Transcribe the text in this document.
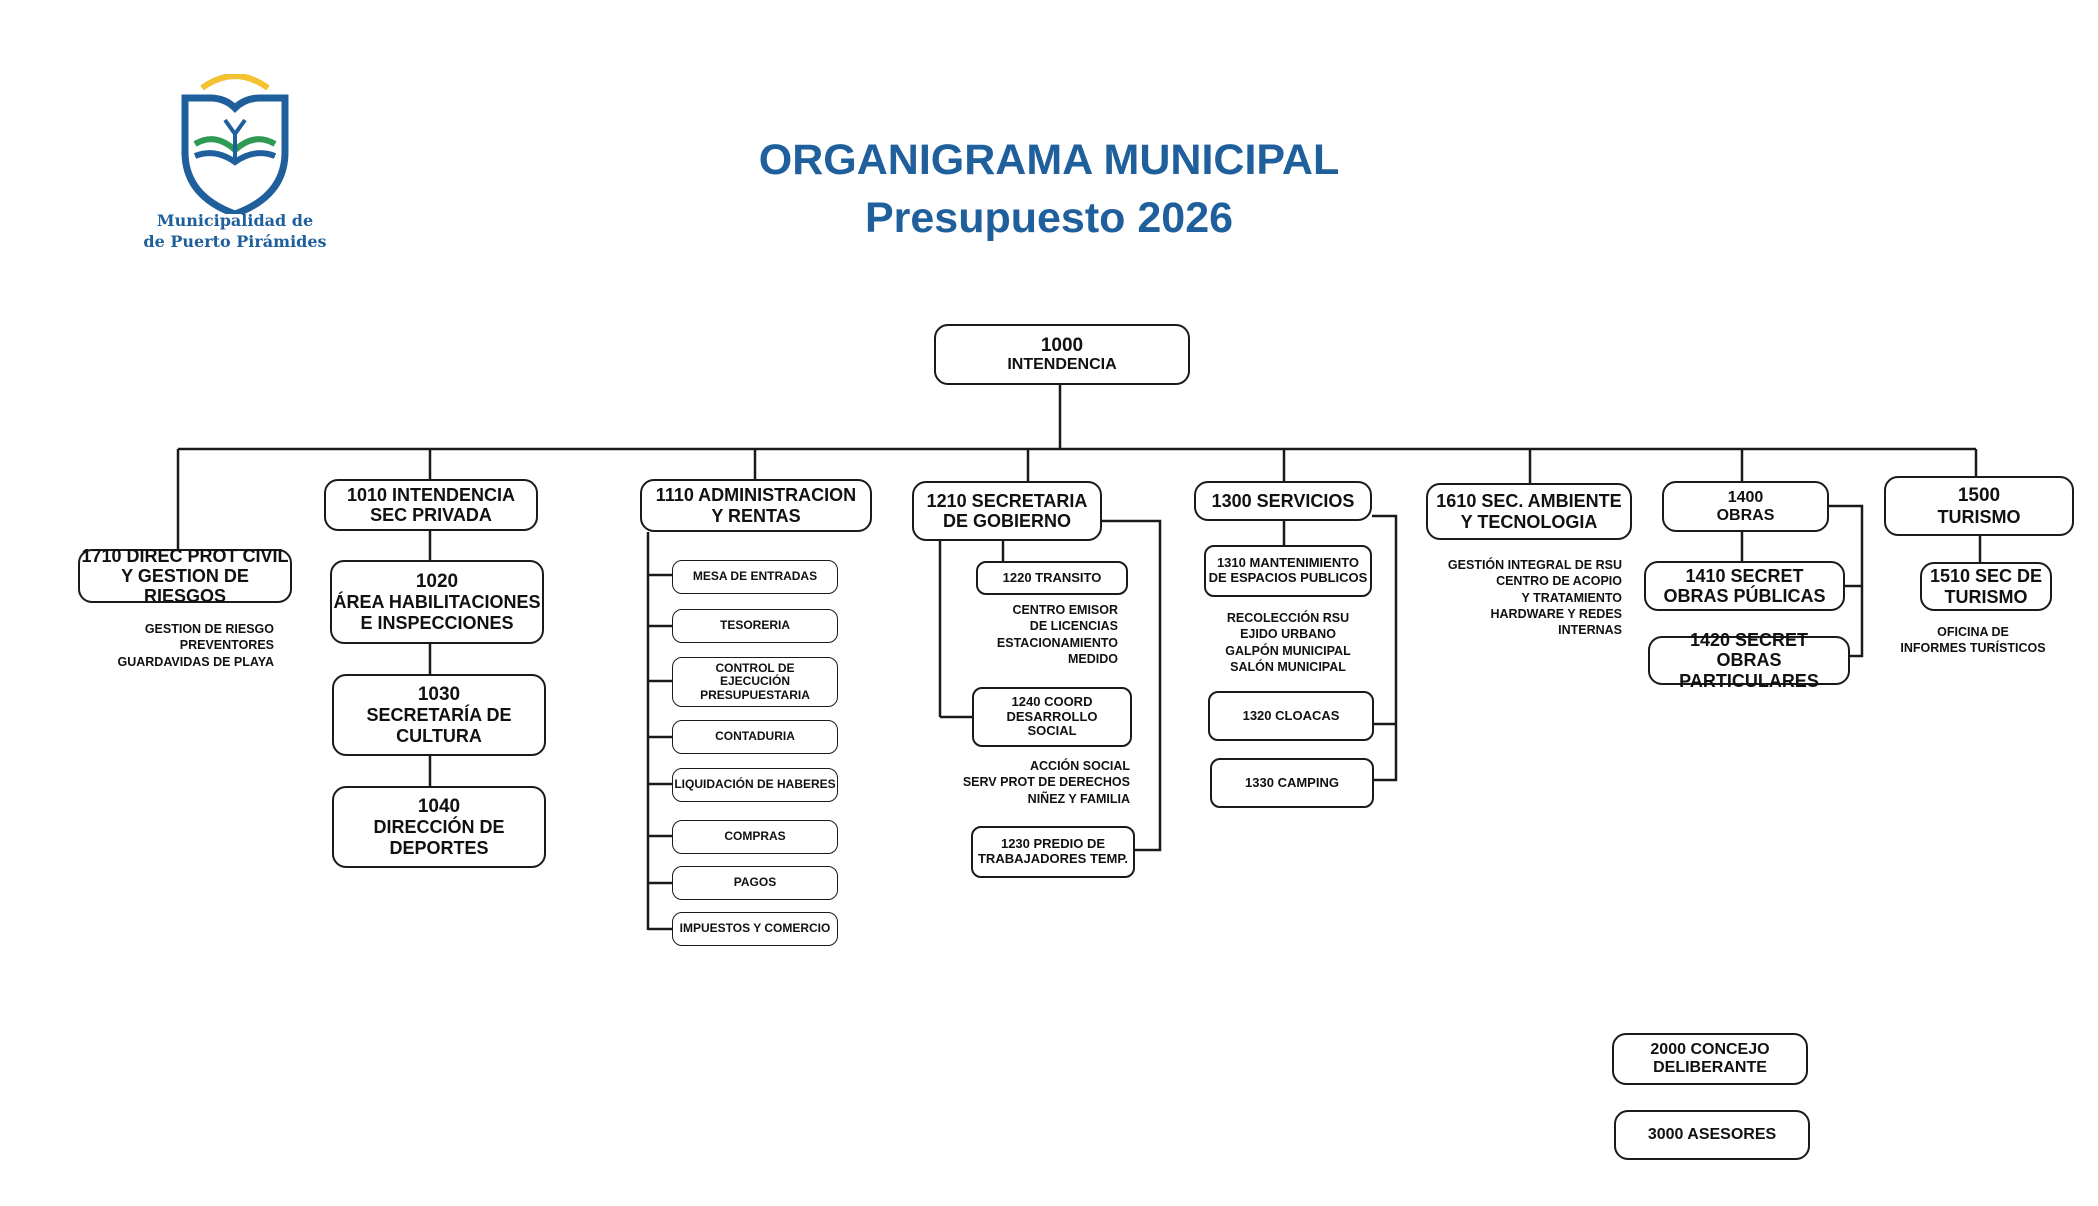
Municipalidad de
de Puerto Pirámides
ORGANIGRAMA MUNICIPAL
Presupuesto 2026
1000
INTENDENCIA
1710 DIREC PROT CIVIL
Y GESTION DE RIESGOS
GESTION DE RIESGO
PREVENTORES
GUARDAVIDAS DE PLAYA
1010 INTENDENCIA
SEC PRIVADA
1020
ÁREA HABILITACIONES
E INSPECCIONES
1030
SECRETARÍA DE
CULTURA
1040
DIRECCIÓN DE
DEPORTES
1110 ADMINISTRACION
Y RENTAS
MESA DE ENTRADAS
TESORERIA
CONTROL DE EJECUCIÓN PRESUPUESTARIA
CONTADURIA
LIQUIDACIÓN DE HABERES
COMPRAS
PAGOS
IMPUESTOS Y COMERCIO
1210 SECRETARIA
DE GOBIERNO
1220 TRANSITO
CENTRO EMISOR
DE LICENCIAS
ESTACIONAMIENTO
MEDIDO
1240 COORD
DESARROLLO
SOCIAL
ACCIÓN SOCIAL
SERV PROT DE DERECHOS
NIÑEZ Y FAMILIA
1230 PREDIO DE
TRABAJADORES TEMP.
1300 SERVICIOS
1310 MANTENIMIENTO
DE ESPACIOS PUBLICOS
RECOLECCIÓN RSU
EJIDO URBANO
GALPÓN MUNICIPAL
SALÓN MUNICIPAL
1320 CLOACAS
1330 CAMPING
1610 SEC. AMBIENTE
Y TECNOLOGIA
GESTIÓN INTEGRAL DE RSU
CENTRO DE ACOPIO
Y TRATAMIENTO
HARDWARE Y REDES
INTERNAS
1400
OBRAS
1410 SECRET
OBRAS PÚBLICAS
1420 SECRET
OBRAS PARTICULARES
1500
TURISMO
1510 SEC DE
TURISMO
OFICINA DE
INFORMES TURÍSTICOS
2000 CONCEJO
DELIBERANTE
3000 ASESORES
